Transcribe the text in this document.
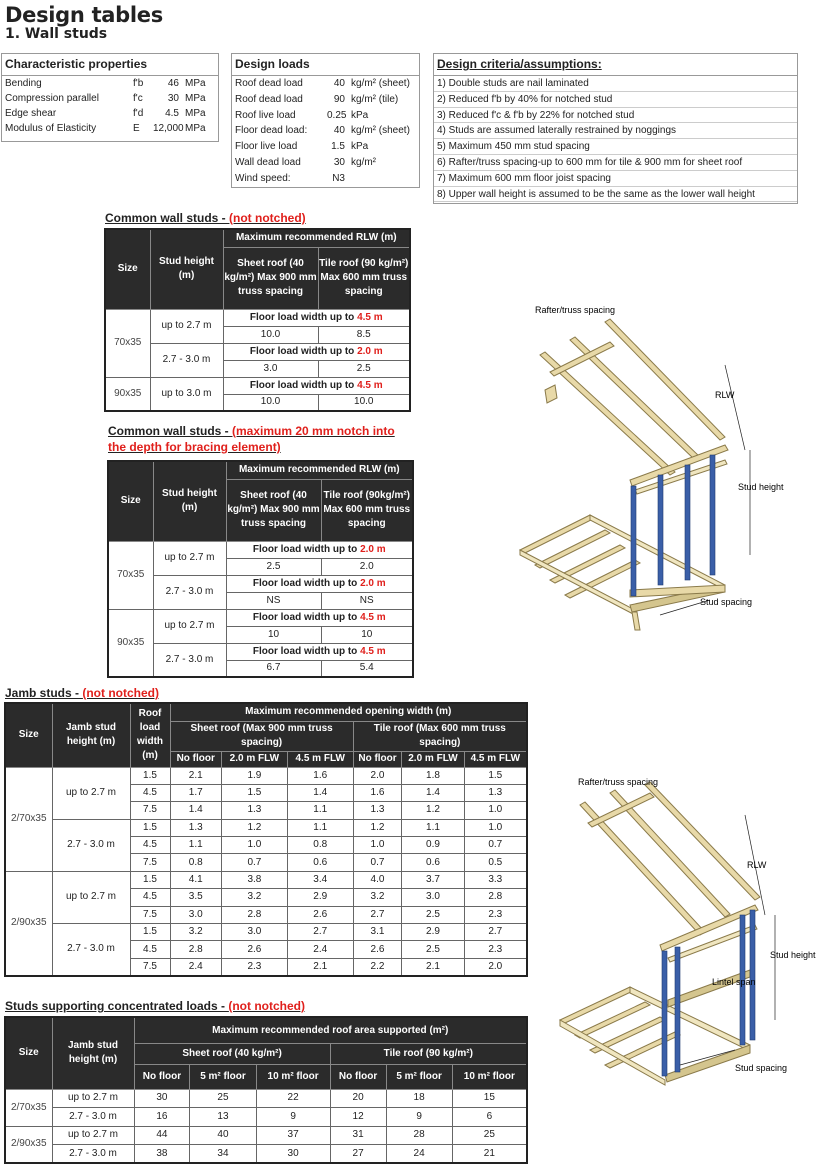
Design tables
1. Wall studs
Characteristic properties
Bending	f'b	46 MPa
Compression parallel	f'c	30 MPa
Edge shear	f'd	4.5 MPa
Modulus of Elasticity	E	12,000 MPa
Design loads
Roof dead load	40 kg/m² (sheet)
Roof dead load	90 kg/m² (tile)
Roof live load	0.25 kPa
Floor dead load:	40 kg/m² (sheet)
Floor live load	1.5 kPa
Wall dead load	30 kg/m²
Wind speed:	N3
Design criteria/assumptions:
1) Double studs are nail laminated
2) Reduced f'b by 40% for notched stud
3) Reduced f'c & f'b by 22% for notched stud
4) Studs are assumed laterally restrained by noggings
5) Maximum 450 mm stud spacing
6) Rafter/truss spacing-up to 600 mm for tile & 900 mm for sheet roof
7) Maximum 600 mm floor joist spacing
8) Upper wall height is assumed to be the same as the lower wall height
Common wall studs - (not notched)
Size	Stud height (m)	Maximum recommended RLW (m)	
		Sheet roof (40 kg/m²) Max 900 mm truss spacing	Tile roof (90 kg/m²) Max 600 mm truss spacing
70x35	up to 2.7 m	Floor load width up to 4.5 m	
		10.0	8.5
	2.7 - 3.0 m	Floor load width up to 2.0 m	
		3.0	2.5
90x35	up to 3.0 m	Floor load width up to 4.5 m	
		10.0	10.0
Common wall studs - (maximum 20 mm notch into the depth for bracing element)
Size	Stud height (m)	Maximum recommended RLW (m)	
		Sheet roof (40 kg/m²) Max 900 mm truss spacing	Tile roof (90kg/m²) Max 600 mm truss spacing
70x35	up to 2.7 m	Floor load width up to 2.0 m	
		2.5	2.0
	2.7 - 3.0 m	Floor load width up to 2.0 m	
		NS	NS
90x35	up to 2.7 m	Floor load width up to 4.5 m	
		10	10
	2.7 - 3.0 m	Floor load width up to 4.5 m	
		6.7	5.4
Jamb studs - (not notched)
Size	Jamb stud height (m)	Roof load width (m)	Maximum recommended opening width (m)					
			Sheet roof (Max 900 mm truss spacing)			Tile roof (Max 600 mm truss spacing)		
			No floor	2.0 m FLW	4.5 m FLW	No floor	2.0 m FLW	4.5 m FLW
2/70x35	up to 2.7 m	1.5	2.1	1.9	1.6	2.0	1.8	1.5
		4.5	1.7	1.5	1.4	1.6	1.4	1.3
		7.5	1.4	1.3	1.1	1.3	1.2	1.0
	2.7 - 3.0 m	1.5	1.3	1.2	1.1	1.2	1.1	1.0
		4.5	1.1	1.0	0.8	1.0	0.9	0.7
		7.5	0.8	0.7	0.6	0.7	0.6	0.5
2/90x35	up to 2.7 m	1.5	4.1	3.8	3.4	4.0	3.7	3.3
		4.5	3.5	3.2	2.9	3.2	3.0	2.8
		7.5	3.0	2.8	2.6	2.7	2.5	2.3
	2.7 - 3.0 m	1.5	3.2	3.0	2.7	3.1	2.9	2.7
		4.5	2.8	2.6	2.4	2.6	2.5	2.3
		7.5	2.4	2.3	2.1	2.2	2.1	2.0
Studs supporting concentrated loads - (not notched)
Size	Jamb stud height (m)	Maximum recommended roof area supported (m²)					
		Sheet roof (40 kg/m²)			Tile roof (90 kg/m²)		
		No floor	5 m² floor	10 m² floor	No floor	5 m² floor	10 m² floor
2/70x35	up to 2.7 m	30	25	22	20	18	15
	2.7 - 3.0 m	16	13	9	12	9	6
2/90x35	up to 2.7 m	44	40	37	31	28	25
	2.7 - 3.0 m	38	34	30	27	24	21
Rafter/truss spacing
RLW
Stud height
Stud spacing
Rafter/truss spacing
RLW
Stud height
Lintel span
Stud spacing
